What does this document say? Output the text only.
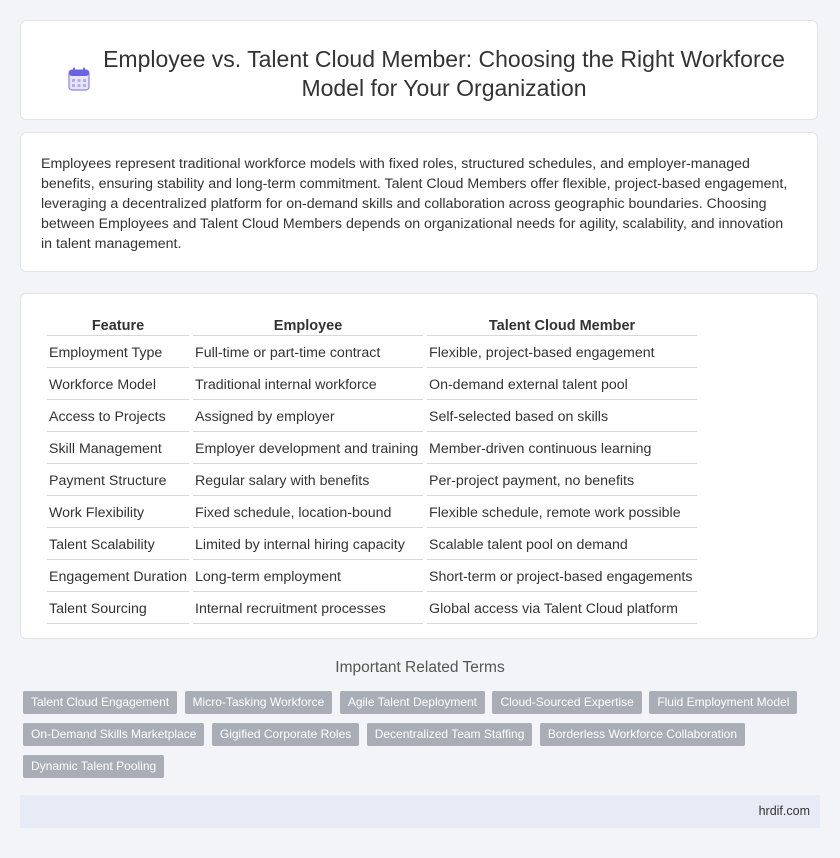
Employee vs. Talent Cloud Member: Choosing the Right Workforce Model for Your Organization
Employees represent traditional workforce models with fixed roles, structured schedules, and employer-managed benefits, ensuring stability and long-term commitment. Talent Cloud Members offer flexible, project-based engagement, leveraging a decentralized platform for on-demand skills and collaboration across geographic boundaries. Choosing between Employees and Talent Cloud Members depends on organizational needs for agility, scalability, and innovation in talent management.
Feature	Employee	Talent Cloud Member
Employment Type	Full-time or part-time contract	Flexible, project-based engagement
Workforce Model	Traditional internal workforce	On-demand external talent pool
Access to Projects	Assigned by employer	Self-selected based on skills
Skill Management	Employer development and training	Member-driven continuous learning
Payment Structure	Regular salary with benefits	Per-project payment, no benefits
Work Flexibility	Fixed schedule, location-bound	Flexible schedule, remote work possible
Talent Scalability	Limited by internal hiring capacity	Scalable talent pool on demand
Engagement Duration	Long-term employment	Short-term or project-based engagements
Talent Sourcing	Internal recruitment processes	Global access via Talent Cloud platform
Important Related Terms
Talent Cloud Engagement Micro-Tasking Workforce Agile Talent Deployment Cloud-Sourced Expertise Fluid Employment Model On-Demand Skills Marketplace Gigified Corporate Roles Decentralized Team Staffing Borderless Workforce Collaboration Dynamic Talent Pooling
hrdif.com
